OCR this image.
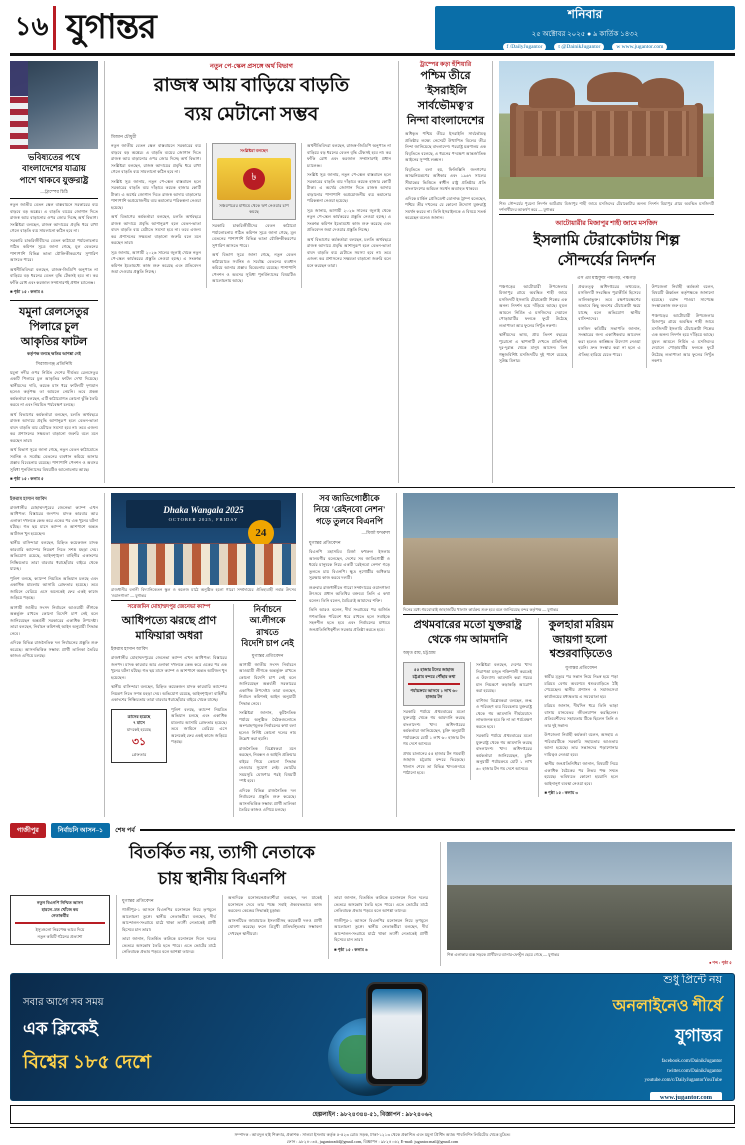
১৬ যুগান্তর	শনিবার
২৫ অক্টোবর ২০২৫ ● ৯ কার্তিক ১৪৩২
f /DailyJugantor	t @DainikJugantor	w www.jugantor.com
ভবিষ্যতের পথে
বাংলাদেশের যাত্রায়
পাশে থাকবে যুক্তরাষ্ট্র
—ট্রাম্পের চিঠি

নতুন জাতীয় বেতন স্কেল বাস্তবায়নে সরকারের ব্যয় বাড়বে বড় অঙ্কের। এ বাড়তি ব্যয়ের জোগান দিতে রাজস্ব আয় বাড়ানোর ওপর জোর দিচ্ছে অর্থ বিভাগ। সংশ্লিষ্টরা বলছেন, রাজস্ব আদায়ের প্রবৃদ্ধি ধরে রাখা গেলে বাড়তি ব্যয় সামলানো কঠিন হবে না।

সরকারি চাকরিজীবীদের বেতন কাঠামো পর্যালোচনায় গঠিত কমিশন সূত্রে জানা গেছে, মূল বেতনের পাশাপাশি বিভিন্ন ভাতা যৌক্তিকীকরণের সুপারিশ আসতে পারে।

অর্থনীতিবিদরা বলছেন, রাজস্ব-জিডিপি অনুপাত না বাড়িয়ে বড় ধরনের বেতন বৃদ্ধি টেকসই হবে না। কর ফাঁকি রোধ এবং করজাল সম্প্রসারণই প্রধান চ্যালেঞ্জ।

■ পৃষ্ঠা ১৫ : কলাম ৪
যমুনা রেলসেতুর
পিলারে চুল
আকৃতির ফাটল
কর্তৃপক্ষ বলছে ক্ষতির আশঙ্কা নেই
সিরাজগঞ্জ প্রতিনিধি

যমুনা নদীর ওপর নির্মিত দেশের দীর্ঘতম রেলসেতুর একটি পিলারে চুল আকৃতির ফাটল দেখা দিয়েছে। স্থানীয়দের দাবি, কয়েক মাস ধরে ফাটলটি দৃশ্যমান হলেও কর্তৃপক্ষ তা আমলে নেয়নি। তবে প্রকল্প কর্মকর্তারা বলছেন, এটি কাঠামোগত কোনো ঝুঁকি তৈরি করবে না এবং নিয়মিত পর্যবেক্ষণ চলছে।

অর্থ বিভাগের কর্মকর্তারা বলছেন, চলতি অর্থবছরে রাজস্ব আদায়ে প্রবৃদ্ধি আশানুরূপ হলে বেতন-ভাতা বাবদ বাড়তি ব্যয় মেটাতে সমস্যা হবে না। তবে এজন্য কর প্রশাসনের সক্ষমতা বাড়ানো জরুরি বলে মনে করছেন তারা।

অর্থ বিভাগ সূত্রে জানা গেছে, নতুন বেতন কাঠামোতে সর্বনিম্ন ও সর্বোচ্চ বেতনের ব্যবধান কমিয়ে আনার প্রস্তাব বিবেচনায় রয়েছে। পাশাপাশি পেনশন ও অবসর সুবিধা পুনর্বিন্যাসের বিষয়টিও আলোচনায় আছে।

■ পৃষ্ঠা ১৫ : কলাম ৫
নতুন পে-স্কেল প্রসঙ্গে অর্থ বিভাগ
রাজস্ব আয় বাড়িয়ে বাড়তি
ব্যয় মেটানো সম্ভব
মিজান চৌধুরী

নতুন জাতীয় বেতন স্কেল বাস্তবায়নে সরকারের ব্যয় বাড়বে বড় অঙ্কের। এ বাড়তি ব্যয়ের জোগান দিতে রাজস্ব আয় বাড়ানোর ওপর জোর দিচ্ছে অর্থ বিভাগ। সংশ্লিষ্টরা বলছেন, রাজস্ব আদায়ের প্রবৃদ্ধি ধরে রাখা গেলে বাড়তি ব্যয় সামলানো কঠিন হবে না।

সংশ্লিষ্ট সূত্র জানায়, নতুন পে-স্কেল বাস্তবায়ন হলে সরকারের বাড়তি ব্যয় দাঁড়াবে কয়েক হাজার কোটি টাকা। এ অর্থের জোগান দিতে রাজস্ব আদায় বাড়ানোর পাশাপাশি অপ্রয়োজনীয় ব্যয় কমানোর পরিকল্পনা নেওয়া হয়েছে।

অর্থ বিভাগের কর্মকর্তারা বলছেন, চলতি অর্থবছরে রাজস্ব আদায়ে প্রবৃদ্ধি আশানুরূপ হলে বেতন-ভাতা বাবদ বাড়তি ব্যয় মেটাতে সমস্যা হবে না। তবে এজন্য কর প্রশাসনের সক্ষমতা বাড়ানো জরুরি বলে মনে করছেন তারা।

সূত্র জানায়, আগামী ২০২৬ সালের জুলাই থেকে নতুন পে-স্কেল কার্যকরের প্রস্তুতি নেওয়া হচ্ছে। এ সংক্রান্ত কমিশন ইতোমধ্যে কাজ শুরু করেছে এবং প্রতিবেদন জমা দেওয়ার প্রস্তুতি নিচ্ছে।

সংশ্লিষ্টরা বলছেন
৳
সঞ্চয়পত্রের মাধ্যমে থেকে ঋণ নেওয়ার চাপ কমছে

সরকারি চাকরিজীবীদের বেতন কাঠামো পর্যালোচনায় গঠিত কমিশন সূত্রে জানা গেছে, মূল বেতনের পাশাপাশি বিভিন্ন ভাতা যৌক্তিকীকরণের সুপারিশ আসতে পারে।

অর্থ বিভাগ সূত্রে জানা গেছে, নতুন বেতন কাঠামোতে সর্বনিম্ন ও সর্বোচ্চ বেতনের ব্যবধান কমিয়ে আনার প্রস্তাব বিবেচনায় রয়েছে। পাশাপাশি পেনশন ও অবসর সুবিধা পুনর্বিন্যাসের বিষয়টিও আলোচনায় আছে।

অর্থনীতিবিদরা বলছেন, রাজস্ব-জিডিপি অনুপাত না বাড়িয়ে বড় ধরনের বেতন বৃদ্ধি টেকসই হবে না। কর ফাঁকি রোধ এবং করজাল সম্প্রসারণই প্রধান চ্যালেঞ্জ।

সংশ্লিষ্ট সূত্র জানায়, নতুন পে-স্কেল বাস্তবায়ন হলে সরকারের বাড়তি ব্যয় দাঁড়াবে কয়েক হাজার কোটি টাকা। এ অর্থের জোগান দিতে রাজস্ব আদায় বাড়ানোর পাশাপাশি অপ্রয়োজনীয় ব্যয় কমানোর পরিকল্পনা নেওয়া হয়েছে।

সূত্র জানায়, আগামী ২০২৬ সালের জুলাই থেকে নতুন পে-স্কেল কার্যকরের প্রস্তুতি নেওয়া হচ্ছে। এ সংক্রান্ত কমিশন ইতোমধ্যে কাজ শুরু করেছে এবং প্রতিবেদন জমা দেওয়ার প্রস্তুতি নিচ্ছে।

অর্থ বিভাগের কর্মকর্তারা বলছেন, চলতি অর্থবছরে রাজস্ব আদায়ে প্রবৃদ্ধি আশানুরূপ হলে বেতন-ভাতা বাবদ বাড়তি ব্যয় মেটাতে সমস্যা হবে না। তবে এজন্য কর প্রশাসনের সক্ষমতা বাড়ানো জরুরি বলে মনে করছেন তারা।

ট্রাম্পের কড়া হুঁশিয়ারি
পশ্চিম তীরে
'ইসরাইলি
সার্বভৌমত্ব'র
নিন্দা বাংলাদেশের

অধিকৃত পশ্চিম তীরে ইসরাইলি সার্বভৌমত্ব প্রতিষ্ঠার লক্ষ্যে নেসেটে উত্থাপিত বিলের তীব্র নিন্দা জানিয়েছে বাংলাদেশ। পররাষ্ট্র মন্ত্রণালয় এক বিবৃতিতে বলেছে, এ ধরনের পদক্ষেপ আন্তর্জাতিক আইনের সুস্পষ্ট লঙ্ঘন।

বিবৃতিতে বলা হয়, ফিলিস্তিনি জনগণের আত্মনিয়ন্ত্রণের অধিকার এবং ১৯৬৭ সালের সীমান্তের ভিত্তিতে স্বাধীন রাষ্ট্র প্রতিষ্ঠার প্রতি বাংলাদেশের অবিচল সমর্থন অব্যাহত থাকবে।

এদিকে মার্কিন প্রেসিডেন্ট ডোনাল্ড ট্রাম্প বলেছেন, পশ্চিম তীর দখলের যে কোনো উদ্যোগ যুক্তরাষ্ট্র সমর্থন করবে না। তিনি ইসরাইলকে এ বিষয়ে সতর্ক করেছেন বলেও জানান।

শিশু সৌন্দর্যের পুরনো নিদর্শন আটগ্রাম মিজাপুর শাহী জামে মসজিদের টেরাকোটার অনন্য নিদর্শন মিয়াপুর গ্রামে অবস্থিত মসজিদটি দর্শনার্থীদের আকর্ষণ করে — যুগান্তর
আটোয়ারীর মিজাপুর শাহী জামে মসজিদ
ইসলামি টেরাকোটায় শিল্প
সৌন্দর্যের নিদর্শন
এস এম মাহফুজ পঞ্চগড়, পঞ্চগড়

পঞ্চগড়ের আটোয়ারী উপজেলার মিজাপুর গ্রামে অবস্থিত শাহী জামে মসজিদটি ইসলামি টেরাকোটা শিল্পের এক অনন্য নিদর্শন হয়ে দাঁড়িয়ে আছে। মুঘল আমলে নির্মিত এ মসজিদের দেয়ালে পোড়ামাটির ফলকে ফুটে উঠেছে লতাপাতা আর ফুলের নিখুঁত নকশা।

স্থানীয়দের ভাষ্য, প্রায় তিনশ বছরের পুরোনো এ স্থাপনাটি দেখতে প্রতিদিনই দূর-দূরান্ত থেকে মানুষ আসেন। তিন গম্বুজবিশিষ্ট মসজিদটির দুই পাশে রয়েছে সুউচ্চ মিনার।

প্রত্নতত্ত্ব অধিদপ্তরের তথ্যমতে, মসজিদটি সংরক্ষিত পুরাকীর্তি হিসেবে তালিকাভুক্ত। তবে রক্ষণাবেক্ষণের অভাবে কিছু অংশের টেরাকোটা ক্ষয়ে যাচ্ছে বলে অভিযোগ স্থানীয় বাসিন্দাদের।

মসজিদ কমিটির সভাপতি জানান, সংস্কারের জন্য একাধিকবার আবেদন করা হলেও কাঙ্ক্ষিত উদ্যোগ নেওয়া হয়নি। দ্রুত সংস্কার করা না হলে এ ঐতিহ্য হারিয়ে যেতে পারে।

উপজেলা নির্বাহী কর্মকর্তা বলেন, বিষয়টি ঊর্ধ্বতন কর্তৃপক্ষকে জানানো হয়েছে। বরাদ্দ পাওয়া সাপেক্ষে সংস্কারকাজ শুরু হবে।

পঞ্চগড়ের আটোয়ারী উপজেলার মিজাপুর গ্রামে অবস্থিত শাহী জামে মসজিদটি ইসলামি টেরাকোটা শিল্পের এক অনন্য নিদর্শন হয়ে দাঁড়িয়ে আছে। মুঘল আমলে নির্মিত এ মসজিদের দেয়ালে পোড়ামাটির ফলকে ফুটে উঠেছে লতাপাতা আর ফুলের নিখুঁত নকশা।

ইকরাম হাসান আবিদ

রাজধানীর মোহাম্মদপুরের জেনেভা ক্যাম্প এখন আধিপত্য বিস্তারের জনপদ। মাদক কারবার আর এলাকা দখলকে কেন্দ্র করে একের পর এক খুনের ঘটনা ঘটছে। গত ছয় মাসে ক্যাম্প ও আশপাশে অন্তত আটজন খুন হয়েছেন।

স্থানীয় বাসিন্দারা বলছেন, চিহ্নিত কয়েকজন মাদক কারবারি ক্যাম্পের নিয়ন্ত্রণ নিতে সশস্ত্র মহড়া দেয়। অভিযোগ রয়েছে, আইনশৃঙ্খলা বাহিনীর একাংশের নিষ্ক্রিয়তায় তারা বারবার ধরাছোঁয়ার বাইরে থেকে যাচ্ছে।

পুলিশ বলছে, ক্যাম্পে নিয়মিত অভিযান চলছে এবং একাধিক মামলায় আসামি গ্রেফতার হয়েছে। তবে জামিনে বেরিয়ে এসে অনেকেই ফের একই কাজে জড়িয়ে পড়ছে।

আগামী জাতীয় সংসদ নির্বাচনে আওয়ামী লীগকে অন্তর্ভুক্ত রাখতে কোনো বিদেশি চাপ নেই বলে জানিয়েছেন অন্তর্বর্তী সরকারের একাধিক উপদেষ্টা। তারা বলছেন, নির্বাচন কমিশনই আইন অনুযায়ী সিদ্ধান্ত নেবে।

এদিকে বিভিন্ন রাজনৈতিক দল নির্বাচনের প্রস্তুতি শুরু করেছে। আসনভিত্তিক সম্ভাব্য প্রার্থী তালিকা তৈরির কাজও এগিয়ে চলছে।

Dhaka Wangala 2025
OCTOBER 2025, FRIDAY
24
রাজধানীর বনানী বিদ্যানিকেতন স্কুল ও কলেজ মাঠে অনুষ্ঠিত হলো গারো সম্প্রদায়ের ঐতিহ্যবাহী নবান্ন উৎসব 'ওয়ানগালা' — যুগান্তর
সরেজমিন মোহাম্মদপুর জেনেভা ক্যাম্প
আধিপত্যে ঝরছে প্রাণ
মাফিয়ারা অধরা
ইকরাম হাসান আবিদ

রাজধানীর মোহাম্মদপুরের জেনেভা ক্যাম্প এখন আধিপত্য বিস্তারের জনপদ। মাদক কারবার আর এলাকা দখলকে কেন্দ্র করে একের পর এক খুনের ঘটনা ঘটছে। গত ছয় মাসে ক্যাম্প ও আশপাশে অন্তত আটজন খুন হয়েছেন।

স্থানীয় বাসিন্দারা বলছেন, চিহ্নিত কয়েকজন মাদক কারবারি ক্যাম্পের নিয়ন্ত্রণ নিতে সশস্ত্র মহড়া দেয়। অভিযোগ রয়েছে, আইনশৃঙ্খলা বাহিনীর একাংশের নিষ্ক্রিয়তায় তারা বারবার ধরাছোঁয়ার বাইরে থেকে যাচ্ছে।

ত্রাসের হয়েছে
৭ মাসে
মাদকেই হয়েছে
৩১
গ্রেফতার

পুলিশ বলছে, ক্যাম্পে নিয়মিত অভিযান চলছে এবং একাধিক মামলায় আসামি গ্রেফতার হয়েছে। তবে জামিনে বেরিয়ে এসে অনেকেই ফের একই কাজে জড়িয়ে পড়ছে।

নির্বাচনে
আ.লীগকে রাখতে
বিদেশি চাপ নেই
যুগান্তর প্রতিবেদন

আগামী জাতীয় সংসদ নির্বাচনে আওয়ামী লীগকে অন্তর্ভুক্ত রাখতে কোনো বিদেশি চাপ নেই বলে জানিয়েছেন অন্তর্বর্তী সরকারের একাধিক উপদেষ্টা। তারা বলছেন, নির্বাচন কমিশনই আইন অনুযায়ী সিদ্ধান্ত নেবে।

সংশ্লিষ্টরা জানান, কূটনৈতিক পর্যায়ে অনুষ্ঠিত বৈঠকগুলোতে অংশগ্রহণমূলক নির্বাচনের কথা বলা হলেও নির্দিষ্ট কোনো দলের নাম উল্লেখ করা হয়নি।

রাজনৈতিক বিশ্লেষকরা মনে করছেন, নিবন্ধন ও আইনি প্রক্রিয়ার বাইরে গিয়ে কোনো সিদ্ধান্ত নেওয়ার সুযোগ নেই। ভোটের সময়সূচি ঘোষণার পরই বিষয়টি স্পষ্ট হবে।

এদিকে বিভিন্ন রাজনৈতিক দল নির্বাচনের প্রস্তুতি শুরু করেছে। আসনভিত্তিক সম্ভাব্য প্রার্থী তালিকা তৈরির কাজও এগিয়ে চলছে।

সব জাতিগোষ্ঠীকে
নিয়ে 'রেইনবো নেশন'
গড়ে তুলবে বিএনপি
—মির্জা ফখরুল
যুগান্তর প্রতিবেদন

বিএনপি মহাসচিব মির্জা ফখরুল ইসলাম আলমগীর বলেছেন, দেশের সব জাতিগোষ্ঠী ও ধর্মের মানুষকে নিয়ে একটি 'রেইনবো নেশন' গড়ে তুলতে চায় বিএনপি। ক্ষুদ্র নৃগোষ্ঠীর অধিকার সুরক্ষায় কাজ করবে দলটি।

শুক্রবার রাজধানীতে গারো সম্প্রদায়ের ওয়ানগালা উৎসবে প্রধান অতিথির বক্তব্যে তিনি এ কথা বলেন। তিনি বলেন, বৈচিত্র্যই আমাদের শক্তি।

তিনি আরও বলেন, দীর্ঘ সংগ্রামের পর অর্জিত গণতান্ত্রিক পরিবেশ ধরে রাখতে হলে সবাইকে সহনশীল হতে হবে এবং নির্বাচনের মাধ্যমে জনপ্রতিনিধিত্বশীল সরকার প্রতিষ্ঠা করতে হবে।

দিনের মধ্যে গমবোঝাই জাহাজটির খালাস কার্যক্রম শুরু হবে বলে জানিয়েছে বন্দর কর্তৃপক্ষ — যুগান্তর
প্রথমবারের মতো যুক্তরাষ্ট্র
থেকে গম আমদানি
অমৃত রায়, চট্টগ্রাম
৫৫ হাজার টনের জাহাজ চট্টগ্রাম বন্দরে পৌঁছার কথা
পর্যায়ক্রমে আসবে ১ লাখ ৬০ হাজার টন

সরকারি পর্যায়ে প্রথমবারের মতো যুক্তরাষ্ট্র থেকে গম আমদানি করছে বাংলাদেশ। খাদ্য অধিদপ্তরের কর্মকর্তারা জানিয়েছেন, চুক্তি অনুযায়ী পর্যায়ক্রমে মোট ১ লাখ ৬০ হাজার টন গম দেশে আসবে।

প্রথম চালানের ৫৫ হাজার টন গমবাহী জাহাজ চট্টগ্রাম বন্দরে ভিড়েছে। খালাস শেষে তা বিভিন্ন খাদ্যগুদামে পাঠানো হবে।

সংশ্লিষ্টরা বলছেন, দেশের খাদ্য নিরাপত্তা মজুত শক্তিশালী করতেই এ উদ্যোগ। আমদানি করা গমের মান নিয়ন্ত্রণে কড়াকড়ি আরোপ করা হয়েছে।

বাণিজ্য বিশ্লেষকরা বলছেন, শুল্ক ও পরিবহণ ব্যয় বিবেচনায় যুক্তরাষ্ট্র থেকে গম আমদানি দীর্ঘমেয়াদে লাভজনক হবে কি না তা পর্যবেক্ষণ করতে হবে।

সরকারি পর্যায়ে প্রথমবারের মতো যুক্তরাষ্ট্র থেকে গম আমদানি করছে বাংলাদেশ। খাদ্য অধিদপ্তরের কর্মকর্তারা জানিয়েছেন, চুক্তি অনুযায়ী পর্যায়ক্রমে মোট ১ লাখ ৬০ হাজার টন গম দেশে আসবে।

কুলহারা মরিয়ম
জায়গা হলো ‍
শ্বশুরবাড়িতেও
যুগান্তর প্রতিবেদন

স্বামীর মৃত্যুর পর সন্তান নিয়ে নিঃস্ব হয়ে পড়া মরিয়ম বেগম অবশেষে শ্বশুরবাড়িতে ঠাঁই পেয়েছেন। স্থানীয় প্রশাসন ও সমাজসেবা কার্যালয়ের মধ্যস্থতায় এ সমঝোতা হয়।

মরিয়ম জানান, দীর্ঘদিন ধরে তিনি ভাড়া বাসায় মানবেতর জীবনযাপন করছিলেন। প্রতিবেশীদের সহায়তায় টিকে ছিলেন তিনি ও তার দুই সন্তান।

উপজেলা নির্বাহী কর্মকর্তা বলেন, অসহায় এ পরিবারটিকে সরকারি সহায়তার আওতায় আনা হয়েছে। তার সন্তানদের পড়াশোনার দায়িত্বও নেওয়া হবে।

স্থানীয় জনপ্রতিনিধিরা জানান, বিষয়টি নিয়ে একাধিক বৈঠকের পর উভয় পক্ষ সম্মত হয়েছে। ভবিষ্যতে কোনো হয়রানি হলে আইনানুগ ব্যবস্থা নেওয়া হবে।

■ পৃষ্ঠা ১৫ : কলাম ৩
গাজীপুর	নির্বাচনি আসন–১	শেষ পর্ব
বিতর্কিত নয়, ত্যাগী নেতাকে
চায় স্থানীয় বিএনপি
নতুন বিএনপি নিশ্চিত আসন
হারলে–মত খোঁজে কম
নেতাকর্মীর
ইস্যুগুলো নিরপেক্ষ ভাবে দিয়ে
নতুন কমিটি গঠনের প্রত্যাশা
যুগান্তর প্রতিবেদন

গাজীপুর-১ আসনে বিএনপির মনোনয়ন নিয়ে তৃণমূলে আলোচনা তুঙ্গে। স্থানীয় নেতাকর্মীরা বলছেন, দীর্ঘ আন্দোলন-সংগ্রামে মাঠে থাকা ত্যাগী নেতাকেই প্রার্থী হিসেবে চান তারা।

তারা জানান, বিতর্কিত কাউকে মনোনয়ন দিলে দলের ভেতরে অসন্তোষ তৈরি হতে পারে। এতে ভোটের মাঠে নেতিবাচক প্রভাব পড়বে বলে আশঙ্কা তাদের।

অন্যদিকে মনোনয়নপ্রত্যাশীরা বলছেন, দল যাকেই মনোনয়ন দেবে তার পক্ষে সবাই ঐক্যবদ্ধভাবে কাজ করবেন। কেন্দ্রের সিদ্ধান্তই চূড়ান্ত।

আসনটিতে জামায়াতে ইসলামীসহ কয়েকটি দলও প্রার্থী ঘোষণা করেছে। ফলে ত্রিমুখী প্রতিদ্বন্দ্বিতার সম্ভাবনা দেখছেন স্থানীয়রা।

তারা জানান, বিতর্কিত কাউকে মনোনয়ন দিলে দলের ভেতরে অসন্তোষ তৈরি হতে পারে। এতে ভোটের মাঠে নেতিবাচক প্রভাব পড়বে বলে আশঙ্কা তাদের।

গাজীপুর-১ আসনে বিএনপির মনোনয়ন নিয়ে তৃণমূলে আলোচনা তুঙ্গে। স্থানীয় নেতাকর্মীরা বলছেন, দীর্ঘ আন্দোলন-সংগ্রামে মাঠে থাকা ত্যাগী নেতাকেই প্রার্থী হিসেবে চান তারা।

■ পৃষ্ঠা ১৫ : কলাম ৬
শিল্প এলাকার ব্যস্ত সড়কে প্রার্থীদের ব্যানার-ফেস্টুন ছেয়ে গেছে — যুগান্তর
● শব্দ : পৃষ্ঠা ৫
সবার আগে সব সময়
এক ক্লিকেই
বিশ্বের ১৮৫ দেশে
শুধু প্রিন্টে নয়
অনলাইনেও শীর্ষে
যুগান্তর
facebook.com/DainikJugantor
twitter.com/DainikJugantor
youtube.com/c/DailyJugantorYouTube
www.jugantor.com
হেল্পলাইন : ৯৮২৪৩৪৪-৫১, বিজ্ঞাপন : ৯৮২৪০৬২
সম্পাদক : আবদুল হাই শিকদার, প্রকাশক : সালমা ইসলাম কর্তৃক ৫-৫২৩ রোড সড়ক, ঢাকা-১২১৩ থেকে প্রকাশিত এবং যমুনা প্রিন্টিং অ্যান্ড পাবলিশিং লিমিটেড থেকে মুদ্রিত।
ফোন : ৯৮২৪০৩৫, jugantoradd@gmail.com, বিজ্ঞাপন : ৯৮২৪০৬২ E-mail: jugantor.mail@gmail.com
